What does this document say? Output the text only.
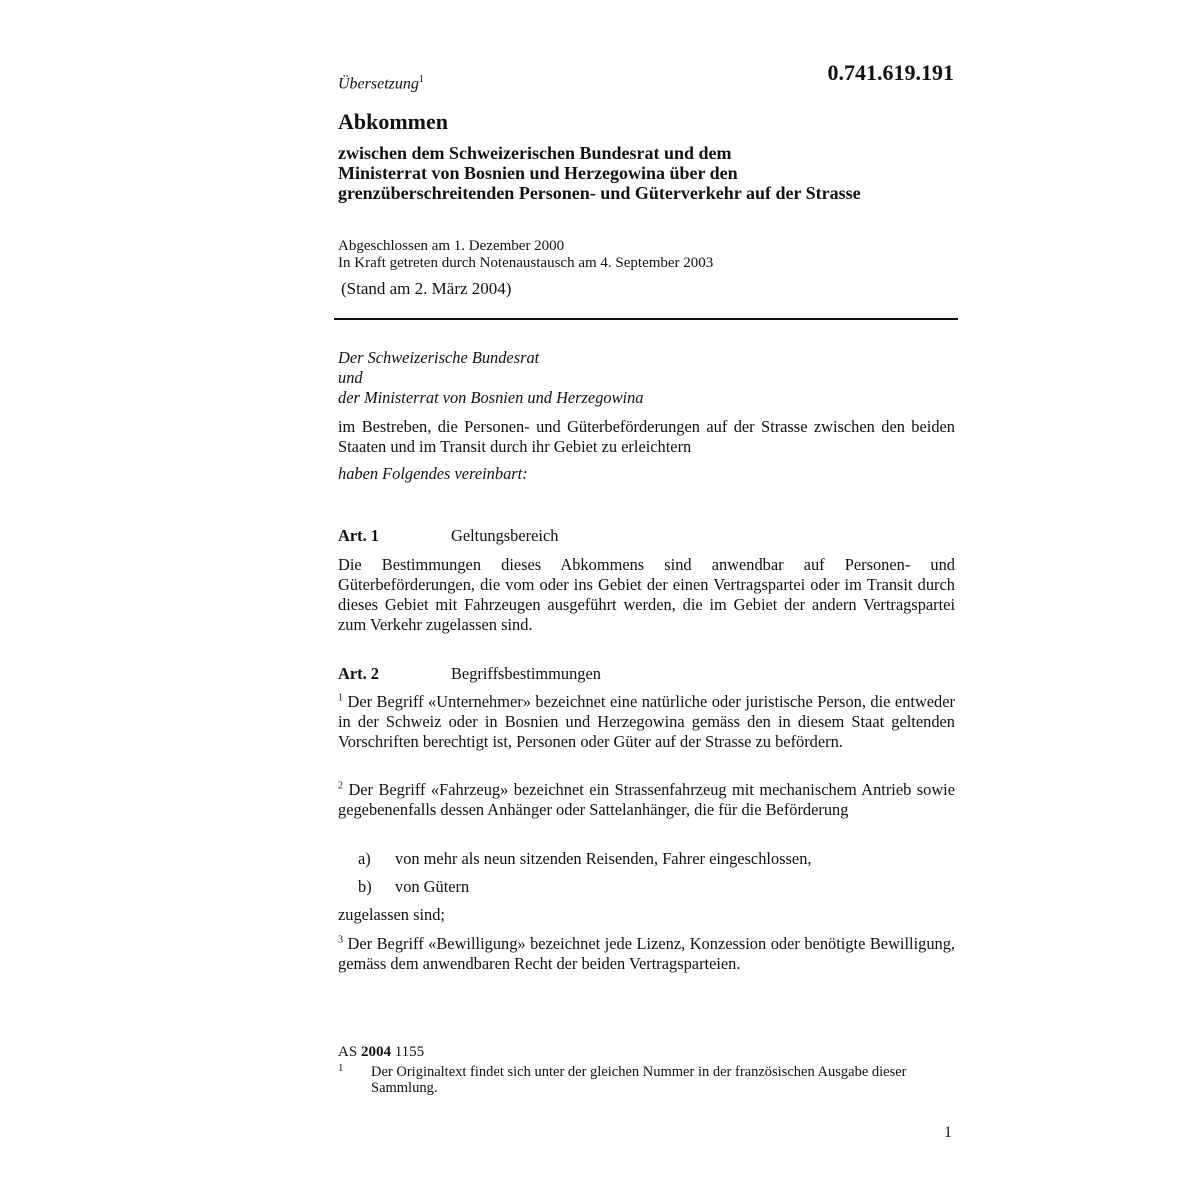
Übersetzung$^1$	0.741.619.191
Abkommen
zwischen dem Schweizerischen Bundesrat und dem
Ministerrat von Bosnien und Herzegowina über den
grenzüberschreitenden Personen- und Güterverkehr auf der Strasse
Abgeschlossen am 1. Dezember 2000
In Kraft getreten durch Notenaustausch am 4. September 2003
(Stand am 2. März 2004)
Der Schweizerische Bundesrat
und
der Ministerrat von Bosnien und Herzegowina
im Bestreben, die Personen- und Güterbeförderungen auf der Strasse zwischen den beiden Staaten und im Transit durch ihr Gebiet zu erleichtern
haben Folgendes vereinbart:
Art. 1	Geltungsbereich
Die Bestimmungen dieses Abkommens sind anwendbar auf Personen- und Güterbeförderungen, die vom oder ins Gebiet der einen Vertragspartei oder im Transit durch dieses Gebiet mit Fahrzeugen ausgeführt werden, die im Gebiet der andern Vertragspartei zum Verkehr zugelassen sind.
Art. 2	Begriffsbestimmungen
$^1$ Der Begriff «Unternehmer» bezeichnet eine natürliche oder juristische Person, die entweder in der Schweiz oder in Bosnien und Herzegowina gemäss den in diesem Staat geltenden Vorschriften berechtigt ist, Personen oder Güter auf der Strasse zu befördern.
$^2$ Der Begriff «Fahrzeug» bezeichnet ein Strassenfahrzeug mit mechanischem Antrieb sowie gegebenenfalls dessen Anhänger oder Sattelanhänger, die für die Beförderung
a) von mehr als neun sitzenden Reisenden, Fahrer eingeschlossen,
b) von Gütern
zugelassen sind;
$^3$ Der Begriff «Bewilligung» bezeichnet jede Lizenz, Konzession oder benötigte Bewilligung, gemäss dem anwendbaren Recht der beiden Vertragsparteien.
AS 2004 1155
1 Der Originaltext findet sich unter der gleichen Nummer in der französischen Ausgabe dieser Sammlung.
1
